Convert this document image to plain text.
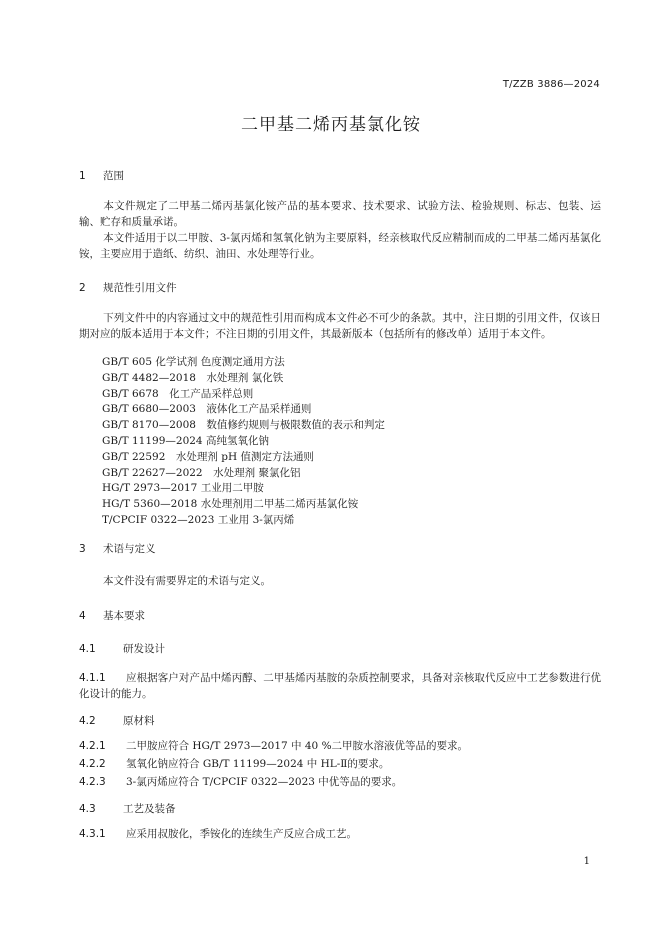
T/ZZB 3886—2024
二甲基二烯丙基氯化铵
1 范围
本文件规定了二甲基二烯丙基氯化铵产品的基本要求、技术要求、试验方法、检验规则、标志、包装、运输、贮存和质量承诺。
本文件适用于以二甲胺、3-氯丙烯和氢氧化钠为主要原料，经亲核取代反应精制而成的二甲基二烯丙基氯化铵，主要应用于造纸、纺织、油田、水处理等行业。
2 规范性引用文件
下列文件中的内容通过文中的规范性引用而构成本文件必不可少的条款。其中，注日期的引用文件，仅该日期对应的版本适用于本文件；不注日期的引用文件，其最新版本（包括所有的修改单）适用于本文件。
GB/T 605 化学试剂 色度测定通用方法
GB/T 4482—2018　水处理剂 氯化铁
GB/T 6678　化工产品采样总则
GB/T 6680—2003　液体化工产品采样通则
GB/T 8170—2008　数值修约规则与极限数值的表示和判定
GB/T 11199—2024 高纯氢氧化钠
GB/T 22592　水处理剂 pH 值测定方法通则
GB/T 22627—2022　水处理剂 聚氯化铝
HG/T 2973—2017 工业用二甲胺
HG/T 5360—2018 水处理剂用二甲基二烯丙基氯化铵
T/CPCIF 0322—2023 工业用 3-氯丙烯
3 术语与定义
本文件没有需要界定的术语与定义。
4 基本要求
4.1	研发设计
4.1.1 应根据客户对产品中烯丙醇、二甲基烯丙基胺的杂质控制要求，具备对亲核取代反应中工艺参数进行优化设计的能力。
4.2	原材料
4.2.1 二甲胺应符合 HG/T 2973—2017 中 40 %二甲胺水溶液优等品的要求。
4.2.2 氢氧化钠应符合 GB/T 11199—2024 中 HL-Ⅱ的要求。
4.2.3 3-氯丙烯应符合 T/CPCIF 0322—2023 中优等品的要求。
4.3	工艺及装备
4.3.1 应采用叔胺化，季铵化的连续生产反应合成工艺。
1
